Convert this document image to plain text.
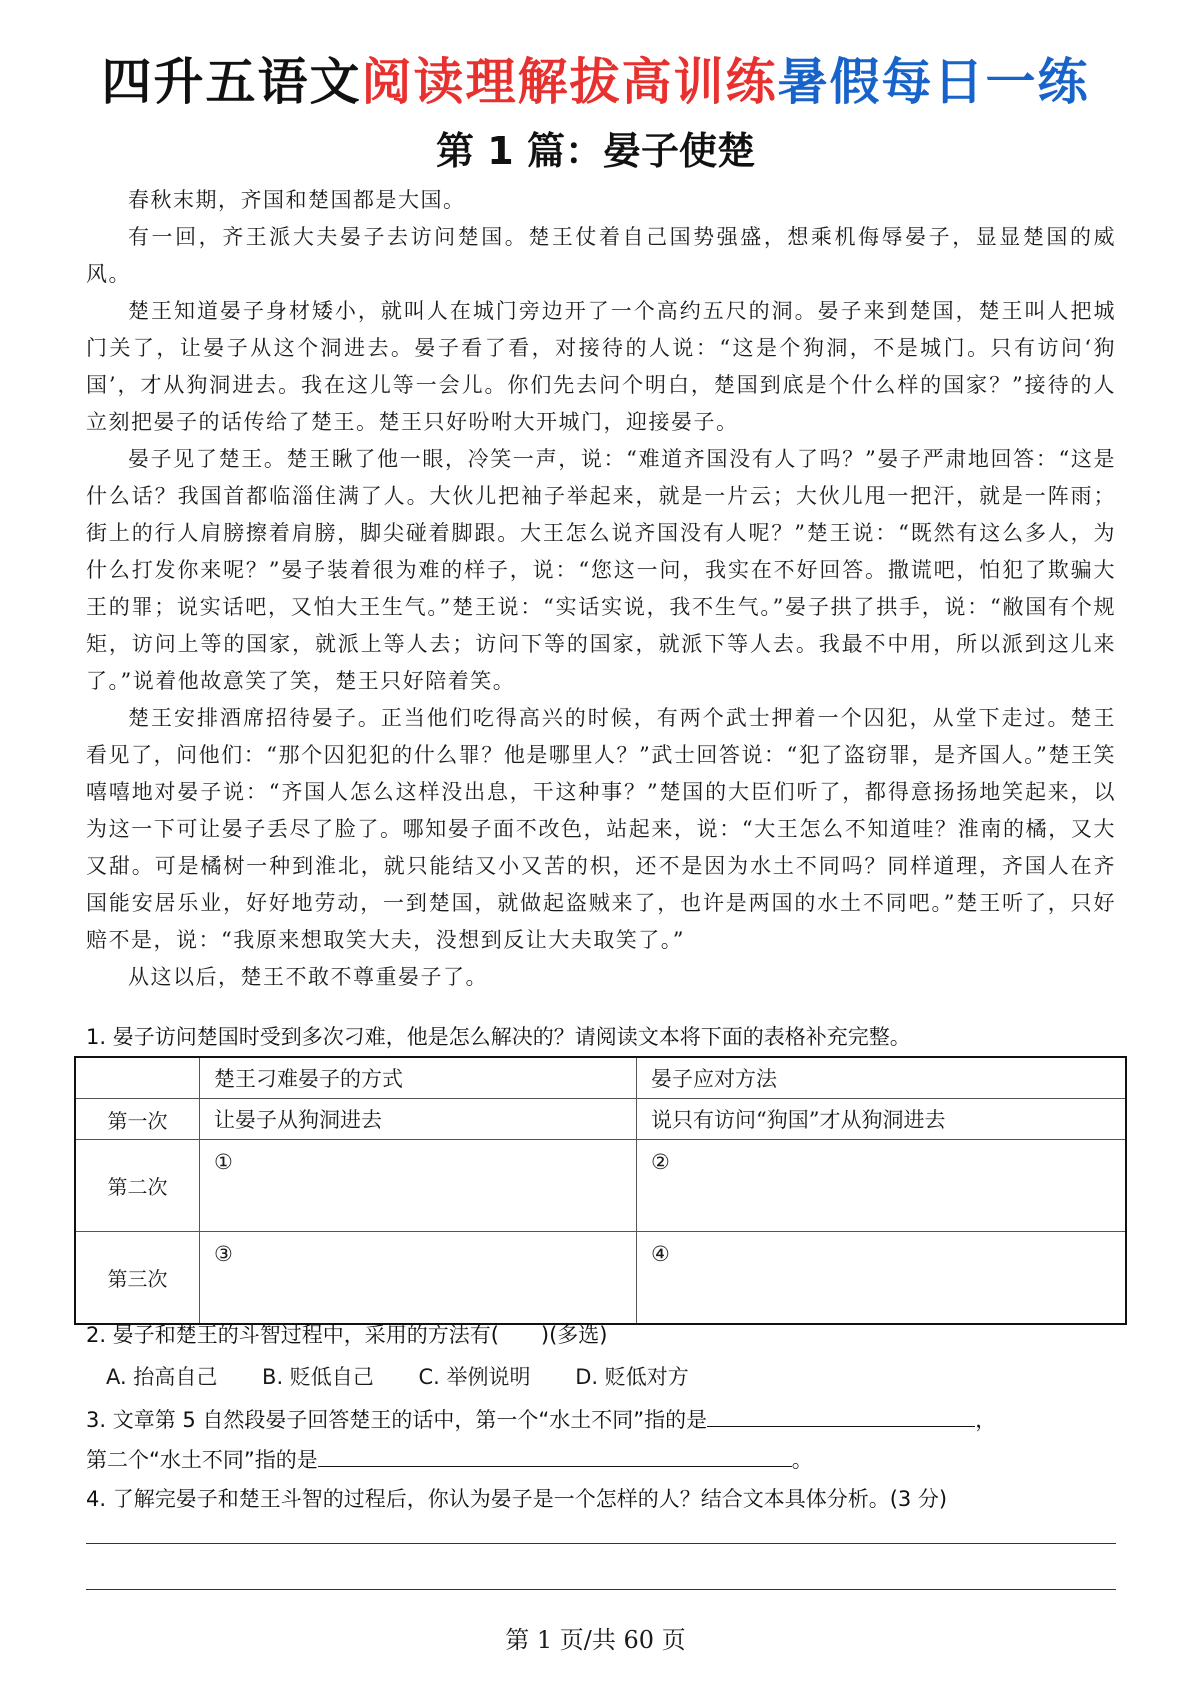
四升五语文阅读理解拔高训练暑假每日一练
第 1 篇：晏子使楚

春秋末期，齐国和楚国都是大国。

有一回，齐王派大夫晏子去访问楚国。楚王仗着自己国势强盛，想乘机侮辱晏子，显显楚国的威风。

楚王知道晏子身材矮小，就叫人在城门旁边开了一个高约五尺的洞。晏子来到楚国，楚王叫人把城门关了，让晏子从这个洞进去。晏子看了看，对接待的人说：“这是个狗洞，不是城门。只有访问‘狗国’，才从狗洞进去。我在这儿等一会儿。你们先去问个明白，楚国到底是个什么样的国家？”接待的人立刻把晏子的话传给了楚王。楚王只好吩咐大开城门，迎接晏子。

晏子见了楚王。楚王瞅了他一眼，冷笑一声，说：“难道齐国没有人了吗？”晏子严肃地回答：“这是什么话？我国首都临淄住满了人。大伙儿把袖子举起来，就是一片云；大伙儿甩一把汗，就是一阵雨；街上的行人肩膀擦着肩膀，脚尖碰着脚跟。大王怎么说齐国没有人呢？”楚王说：“既然有这么多人，为什么打发你来呢？”晏子装着很为难的样子，说：“您这一问，我实在不好回答。撒谎吧，怕犯了欺骗大王的罪；说实话吧，又怕大王生气。”楚王说：“实话实说，我不生气。”晏子拱了拱手，说：“敝国有个规矩，访问上等的国家，就派上等人去；访问下等的国家，就派下等人去。我最不中用，所以派到这儿来了。”说着他故意笑了笑，楚王只好陪着笑。

楚王安排酒席招待晏子。正当他们吃得高兴的时候，有两个武士押着一个囚犯，从堂下走过。楚王看见了，问他们：“那个囚犯犯的什么罪？他是哪里人？”武士回答说：“犯了盗窃罪，是齐国人。”楚王笑嘻嘻地对晏子说：“齐国人怎么这样没出息，干这种事？”楚国的大臣们听了，都得意扬扬地笑起来，以为这一下可让晏子丢尽了脸了。哪知晏子面不改色，站起来，说：“大王怎么不知道哇？淮南的橘，又大又甜。可是橘树一种到淮北，就只能结又小又苦的枳，还不是因为水土不同吗？同样道理，齐国人在齐国能安居乐业，好好地劳动，一到楚国，就做起盗贼来了，也许是两国的水土不同吧。”楚王听了，只好赔不是，说：“我原来想取笑大夫，没想到反让大夫取笑了。”

从这以后，楚王不敢不尊重晏子了。

1. 晏子访问楚国时受到多次刁难，他是怎么解决的？请阅读文本将下面的表格补充完整。
	楚王刁难晏子的方式	晏子应对方法
第一次	让晏子从狗洞进去	说只有访问“狗国”才从狗洞进去
第二次	①	②
第三次	③	④
2. 晏子和楚王的斗智过程中，采用的方法有(　　)(多选)
A. 抬高自己 B. 贬低自己 C. 举例说明 D. 贬低对方
3. 文章第 5 自然段晏子回答楚王的话中，第一个“水土不同”指的是	，
第二个“水土不同”指的是	。
4. 了解完晏子和楚王斗智的过程后，你认为晏子是一个怎样的人？结合文本具体分析。(3 分)
第 1 页/共 60 页
